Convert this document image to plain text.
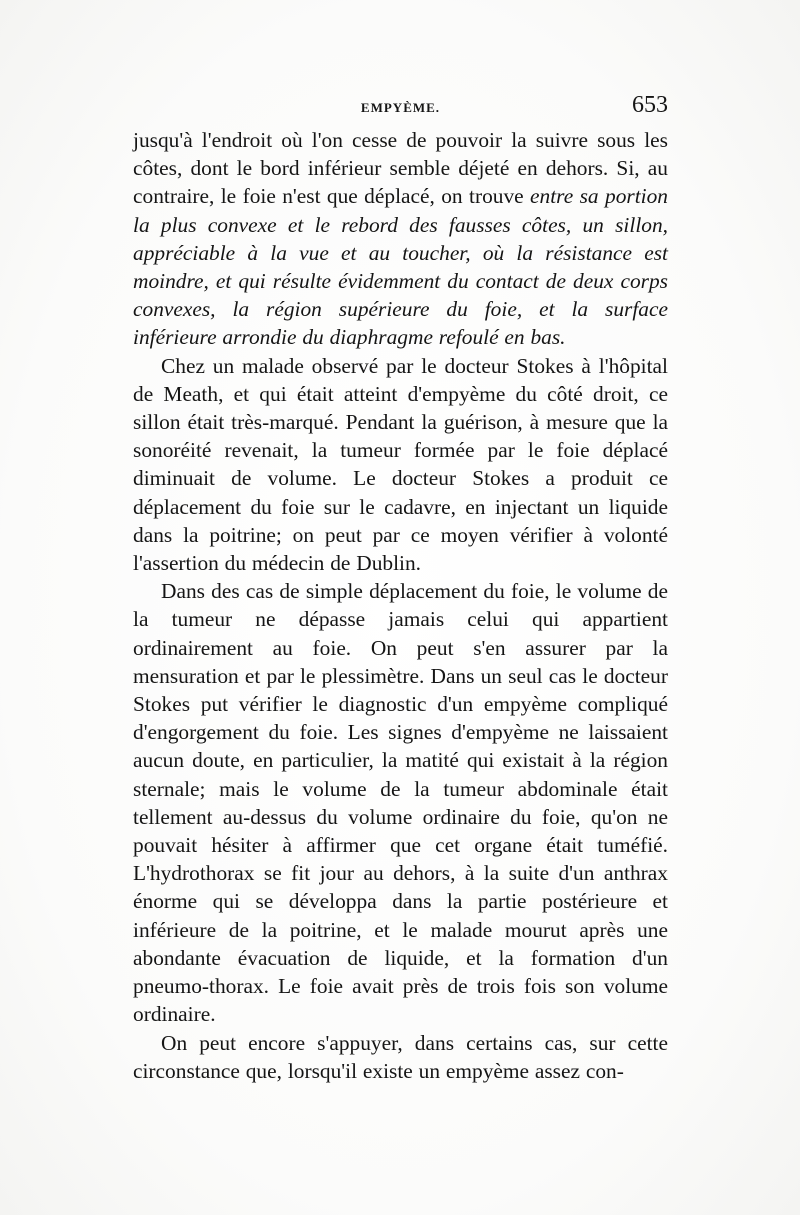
EMPYÈME.	653

jusqu'à l'endroit où l'on cesse de pouvoir la suivre sous les côtes, dont le bord inférieur semble déjeté en dehors. Si, au contraire, le foie n'est que déplacé, on trouve entre sa portion la plus convexe et le rebord des fausses côtes, un sillon, appréciable à la vue et au toucher, où la résistance est moindre, et qui résulte évidemment du contact de deux corps convexes, la région supérieure du foie, et la surface inférieure arrondie du diaphragme refoulé en bas.

Chez un malade observé par le docteur Stokes à l'hôpital de Meath, et qui était atteint d'empyème du côté droit, ce sillon était très-marqué. Pendant la guérison, à mesure que la sonoréité revenait, la tumeur formée par le foie déplacé diminuait de volume. Le docteur Stokes a produit ce déplacement du foie sur le cadavre, en injectant un liquide dans la poitrine; on peut par ce moyen vérifier à volonté l'assertion du médecin de Dublin.

Dans des cas de simple déplacement du foie, le volume de la tumeur ne dépasse jamais celui qui appartient ordinairement au foie. On peut s'en assurer par la mensuration et par le plessimètre. Dans un seul cas le docteur Stokes put vérifier le diagnostic d'un empyème compliqué d'engorgement du foie. Les signes d'empyème ne laissaient aucun doute, en particulier, la matité qui existait à la région sternale; mais le volume de la tumeur abdominale était tellement au-dessus du volume ordinaire du foie, qu'on ne pouvait hésiter à affirmer que cet organe était tuméfié. L'hydrothorax se fit jour au dehors, à la suite d'un anthrax énorme qui se développa dans la partie postérieure et inférieure de la poitrine, et le malade mourut après une abondante évacuation de liquide, et la formation d'un pneumo-thorax. Le foie avait près de trois fois son volume ordinaire.

On peut encore s'appuyer, dans certains cas, sur cette circonstance que, lorsqu'il existe un empyème assez con-
